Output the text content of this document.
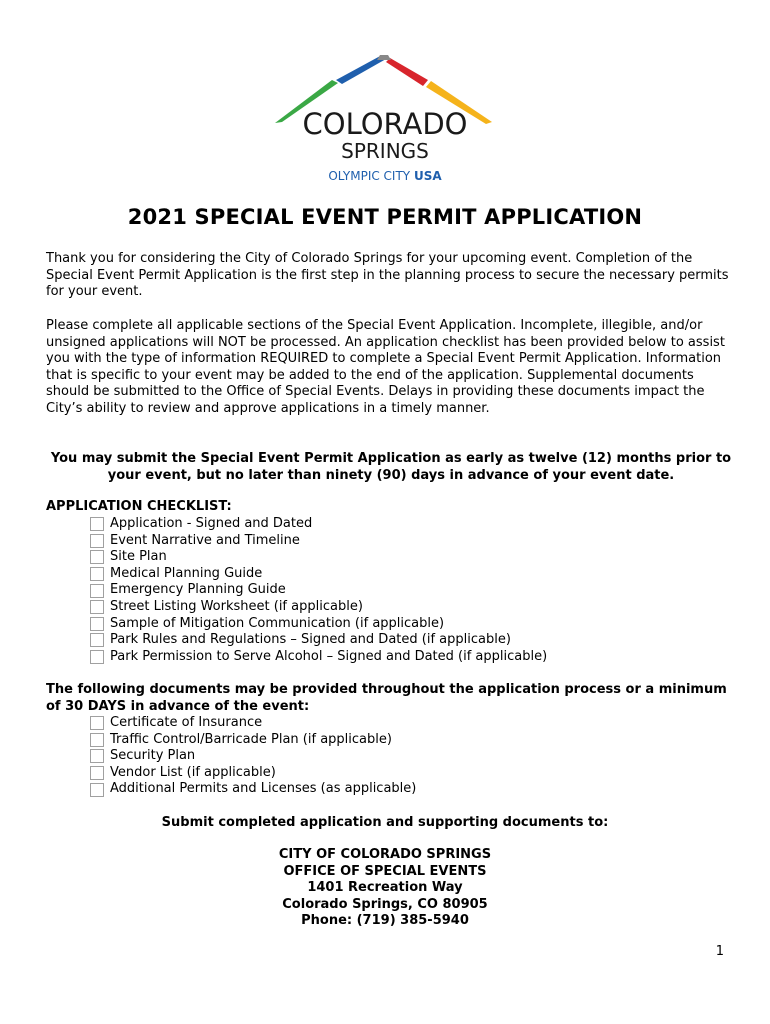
COLORADO
SPRINGS
OLYMPIC CITY USA
2021 SPECIAL EVENT PERMIT APPLICATION

Thank you for considering the City of Colorado Springs for your upcoming event. Completion of the Special Event Permit Application is the first step in the planning process to secure the necessary permits for your event.

Please complete all applicable sections of the Special Event Application. Incomplete, illegible, and/or unsigned applications will NOT be processed. An application checklist has been provided below to assist you with the type of information REQUIRED to complete a Special Event Permit Application. Information that is specific to your event may be added to the end of the application. Supplemental documents should be submitted to the Office of Special Events. Delays in providing these documents impact the City’s ability to review and approve applications in a timely manner.

You may submit the Special Event Permit Application as early as twelve (12) months prior to your event, but no later than ninety (90) days in advance of your event date.
APPLICATION CHECKLIST:
Application - Signed and Dated
Event Narrative and Timeline
Site Plan
Medical Planning Guide
Emergency Planning Guide
Street Listing Worksheet (if applicable)
Sample of Mitigation Communication (if applicable)
Park Rules and Regulations – Signed and Dated (if applicable)
Park Permission to Serve Alcohol – Signed and Dated (if applicable)
The following documents may be provided throughout the application process or a minimum of 30 DAYS in advance of the event:
Certificate of Insurance
Traffic Control/Barricade Plan (if applicable)
Security Plan
Vendor List (if applicable)
Additional Permits and Licenses (as applicable)
Submit completed application and supporting documents to:
CITY OF COLORADO SPRINGS
OFFICE OF SPECIAL EVENTS
1401 Recreation Way
Colorado Springs, CO 80905
Phone: (719) 385-5940
1
